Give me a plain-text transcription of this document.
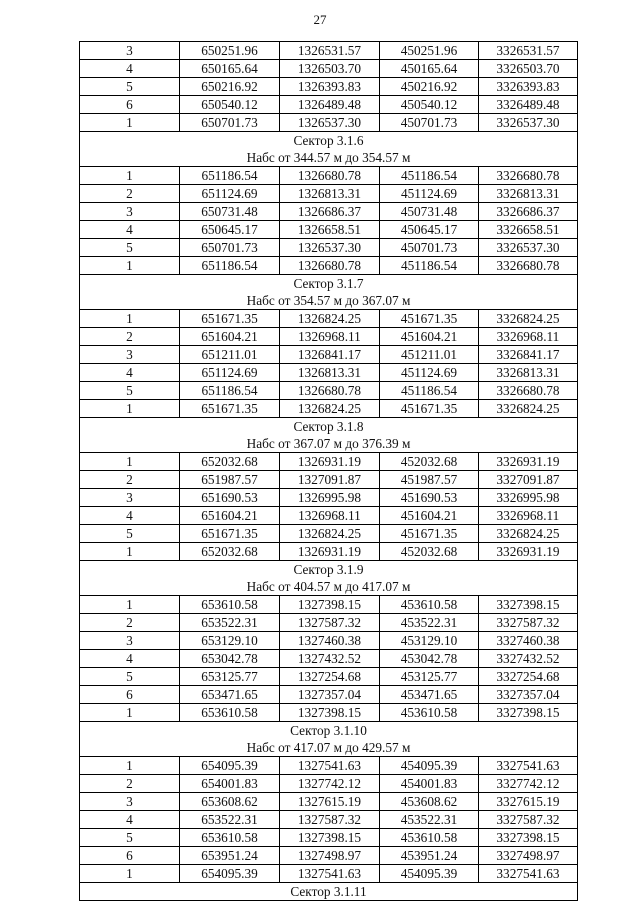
27
3	650251.96	1326531.57	450251.96	3326531.57
4	650165.64	1326503.70	450165.64	3326503.70
5	650216.92	1326393.83	450216.92	3326393.83
6	650540.12	1326489.48	450540.12	3326489.48
1	650701.73	1326537.30	450701.73	3326537.30
Сектор 3.1.6				
Набс от 344.57 м до 354.57 м				
1	651186.54	1326680.78	451186.54	3326680.78
2	651124.69	1326813.31	451124.69	3326813.31
3	650731.48	1326686.37	450731.48	3326686.37
4	650645.17	1326658.51	450645.17	3326658.51
5	650701.73	1326537.30	450701.73	3326537.30
1	651186.54	1326680.78	451186.54	3326680.78
Сектор 3.1.7				
Набс от 354.57 м до 367.07 м				
1	651671.35	1326824.25	451671.35	3326824.25
2	651604.21	1326968.11	451604.21	3326968.11
3	651211.01	1326841.17	451211.01	3326841.17
4	651124.69	1326813.31	451124.69	3326813.31
5	651186.54	1326680.78	451186.54	3326680.78
1	651671.35	1326824.25	451671.35	3326824.25
Сектор 3.1.8				
Набс от 367.07 м до 376.39 м				
1	652032.68	1326931.19	452032.68	3326931.19
2	651987.57	1327091.87	451987.57	3327091.87
3	651690.53	1326995.98	451690.53	3326995.98
4	651604.21	1326968.11	451604.21	3326968.11
5	651671.35	1326824.25	451671.35	3326824.25
1	652032.68	1326931.19	452032.68	3326931.19
Сектор 3.1.9				
Набс от 404.57 м до 417.07 м				
1	653610.58	1327398.15	453610.58	3327398.15
2	653522.31	1327587.32	453522.31	3327587.32
3	653129.10	1327460.38	453129.10	3327460.38
4	653042.78	1327432.52	453042.78	3327432.52
5	653125.77	1327254.68	453125.77	3327254.68
6	653471.65	1327357.04	453471.65	3327357.04
1	653610.58	1327398.15	453610.58	3327398.15
Сектор 3.1.10				
Набс от 417.07 м до 429.57 м				
1	654095.39	1327541.63	454095.39	3327541.63
2	654001.83	1327742.12	454001.83	3327742.12
3	653608.62	1327615.19	453608.62	3327615.19
4	653522.31	1327587.32	453522.31	3327587.32
5	653610.58	1327398.15	453610.58	3327398.15
6	653951.24	1327498.97	453951.24	3327498.97
1	654095.39	1327541.63	454095.39	3327541.63
Сектор 3.1.11				
